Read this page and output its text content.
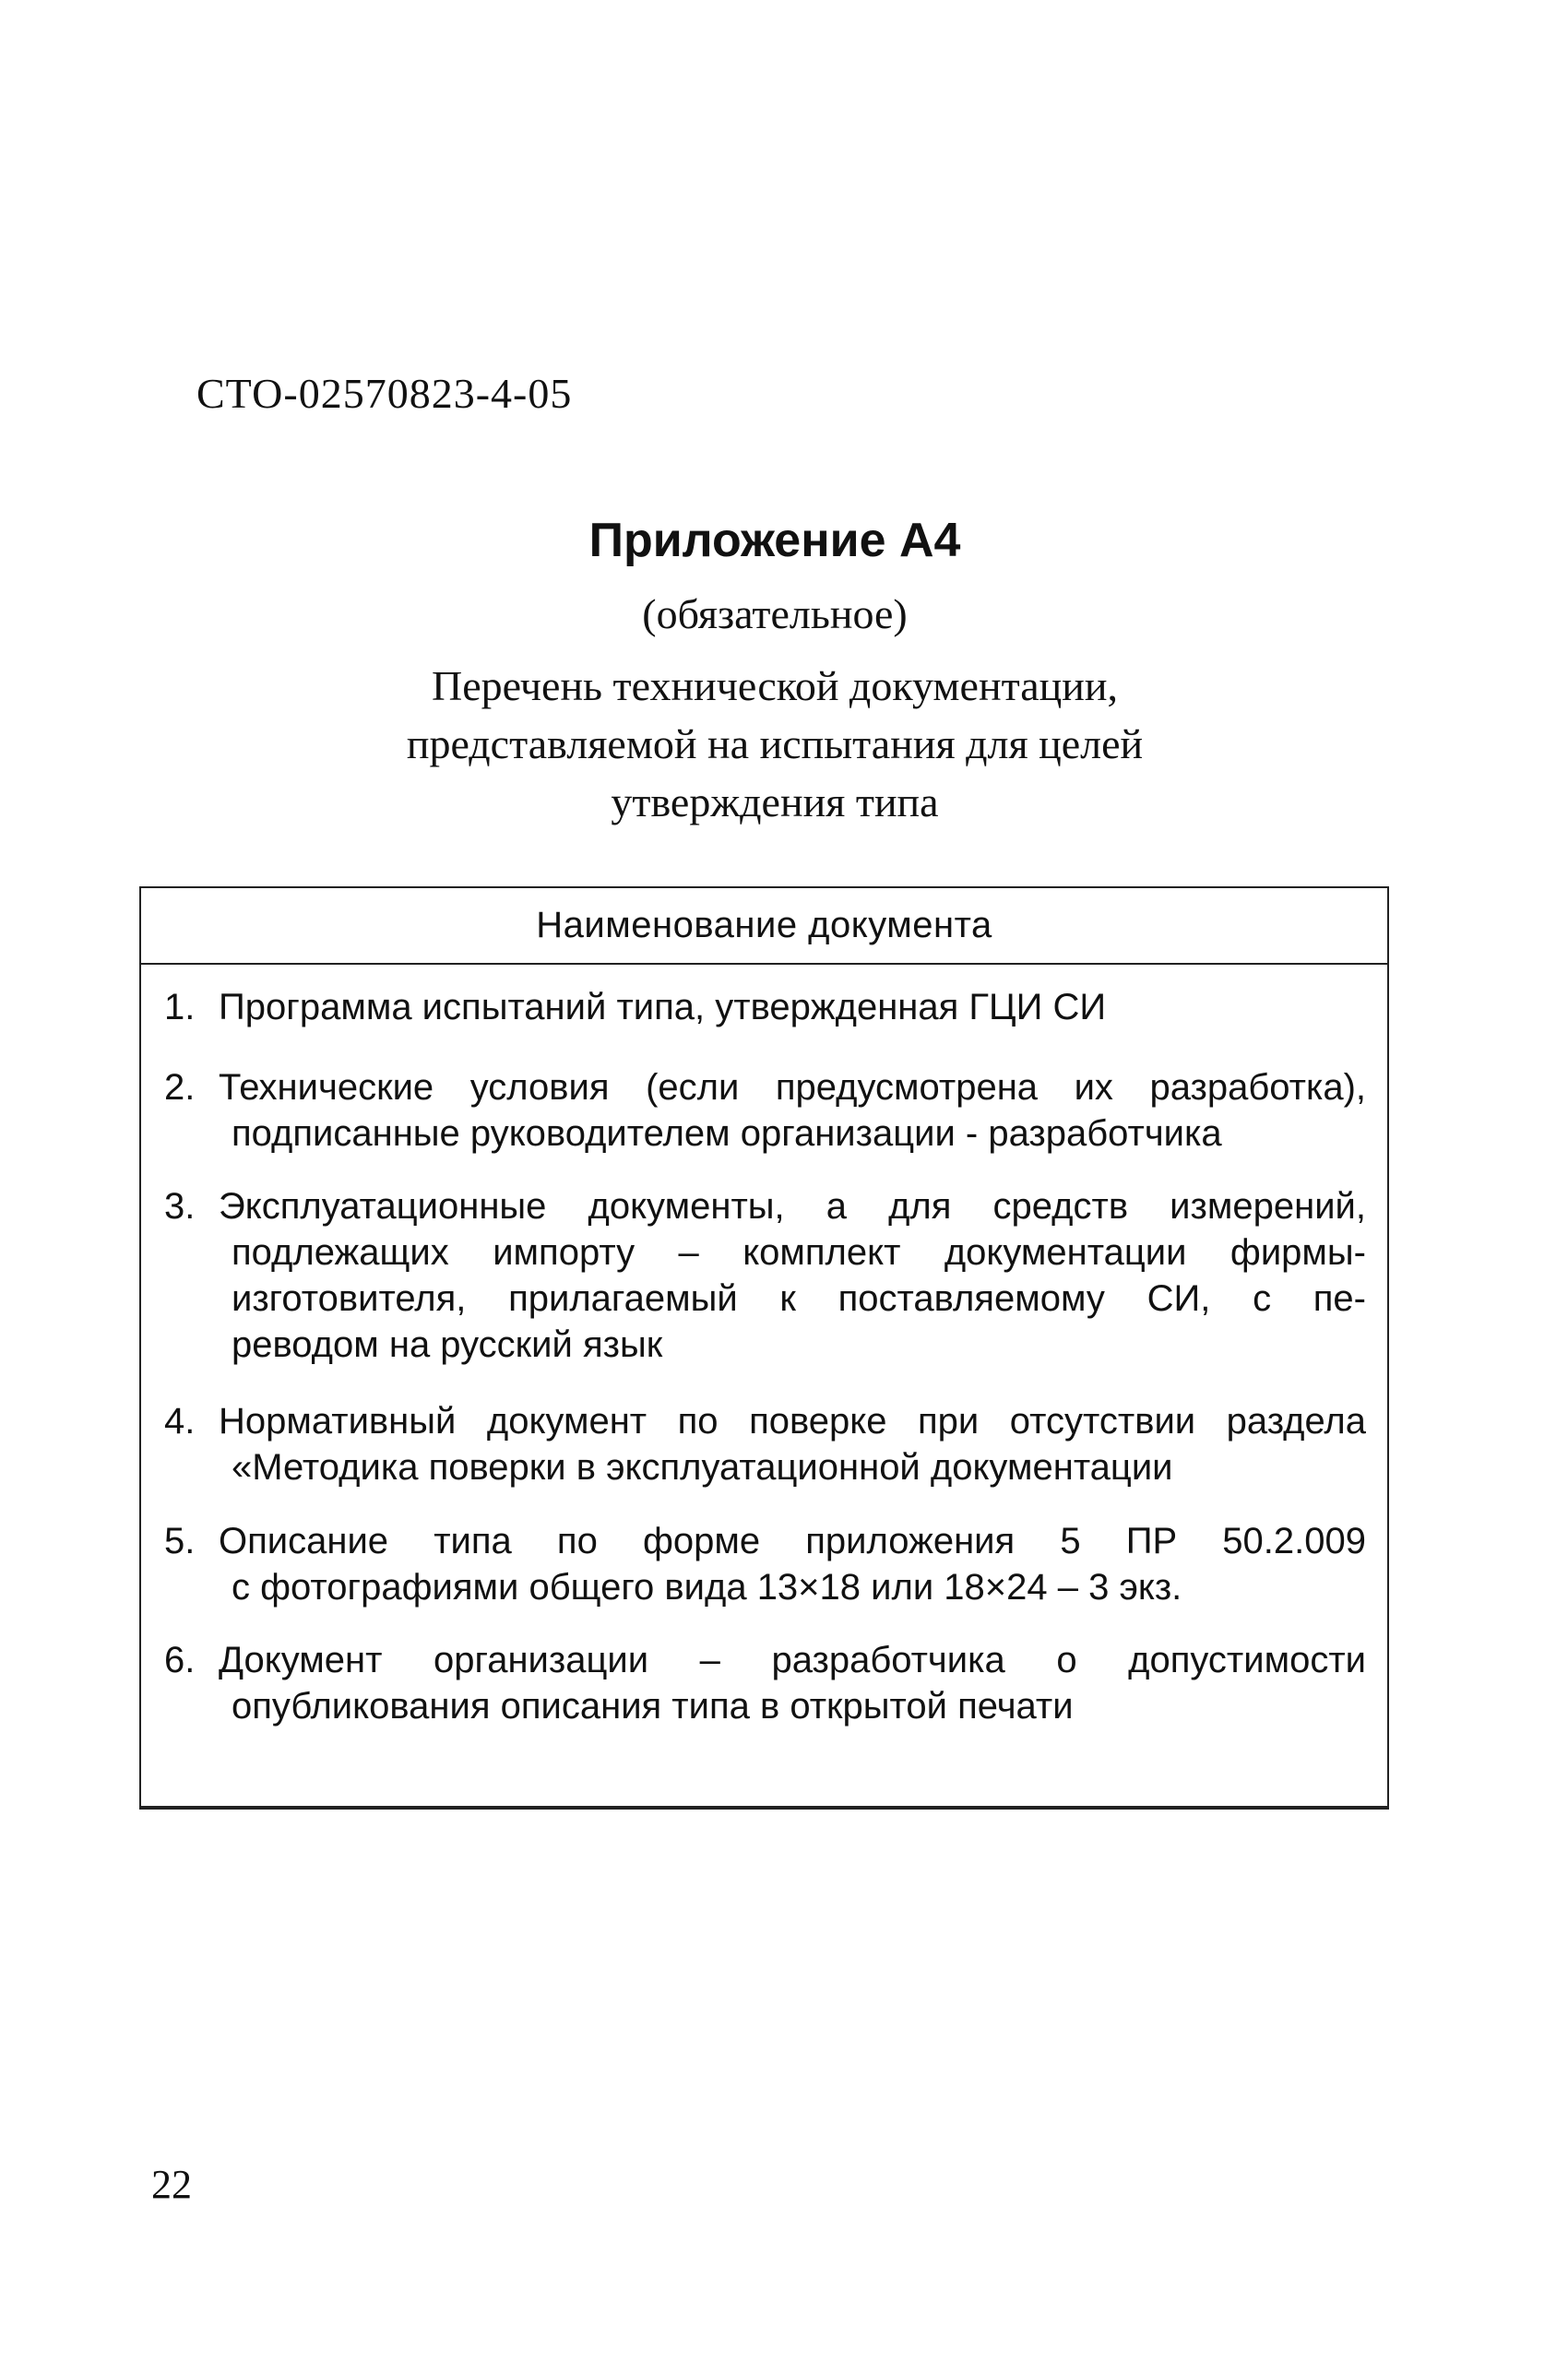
СТО-02570823-4-05
Приложение А4
(обязательное)
Перечень технической документации,
представляемой на испытания для целей
утверждения типа
Наименование документа
1. Программа испытаний типа, утвержденная ГЦИ СИ
2. Технические условия (если предусмотрена их разработка),
подписанные руководителем организации - разработчика
3. Эксплуатационные документы, а для средств измерений,
подлежащих импорту – комплект документации фирмы-
изготовителя, прилагаемый к поставляемому СИ, с пе-
реводом на русский язык
4. Нормативный документ по поверке при отсутствии раздела
«Методика поверки в эксплуатационной документации
5. Описание типа по форме приложения 5 ПР 50.2.009
с фотографиями общего вида 13×18 или 18×24 – 3 экз.
6. Документ организации – разработчика о допустимости
опубликования описания типа в открытой печати
22
